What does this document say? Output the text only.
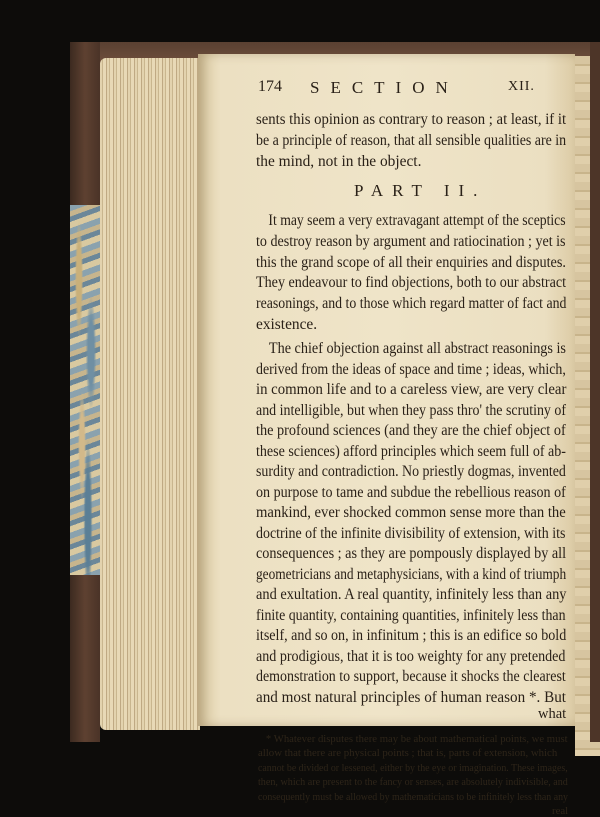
174 SECTION	XII.
sents this opinion as contrary to reason ; at least, if it
be a principle of reason, that all sensible qualities are in
the mind, not in the object.
PART II.
It may seem a very extravagant attempt of the sceptics
to destroy reason by argument and ratiocination ; yet is
this the grand scope of all their enquiries and disputes.
They endeavour to find objections, both to our abstract
reasonings, and to those which regard matter of fact and
existence.
The chief objection against all abstract reasonings is
derived from the ideas of space and time ; ideas, which,
in common life and to a careless view, are very clear
and intelligible, but when they pass thro' the scrutiny of
the profound sciences (and they are the chief object of
these sciences) afford principles which seem full of ab-
surdity and contradiction. No priestly dogmas, invented
on purpose to tame and subdue the rebellious reason of
mankind, ever shocked common sense more than the
doctrine of the infinite divisibility of extension, with its
consequences ; as they are pompously displayed by all
geometricians and metaphysicians, with a kind of triumph
and exultation. A real quantity, infinitely less than any
finite quantity, containing quantities, infinitely less than
itself, and so on, in infinitum ; this is an edifice so bold
and prodigious, that it is too weighty for any pretended
demonstration to support, because it shocks the clearest
and most natural principles of human reason *. But
what
* Whatever disputes there may be about mathematical points, we must
allow that there are physical points ; that is, parts of extension, which
cannot be divided or lessened, either by the eye or imagination. These images,
then, which are present to the fancy or senses, are absolutely indivisible, and
consequently must be allowed by mathematicians to be infinitely less than any
real
